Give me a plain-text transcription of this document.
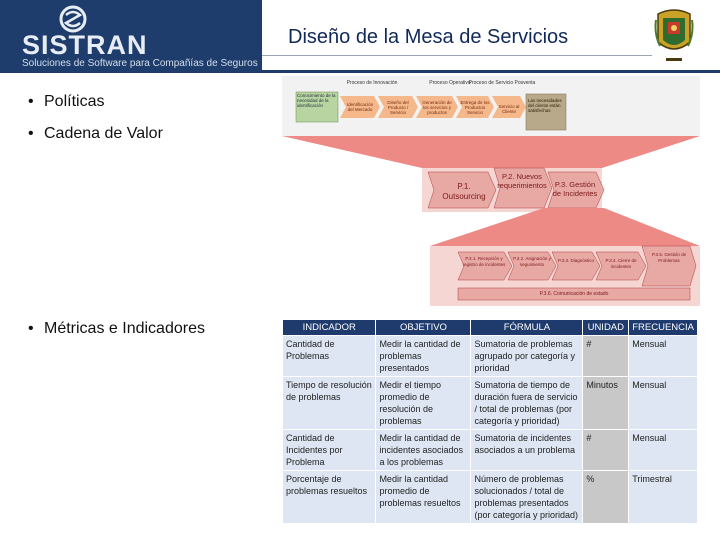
SISTRAN
Soluciones de Software para Compañías de Seguros
Diseño de la Mesa de Servicios
• Políticas
• Cadena de Valor
• Métricas e Indicadores
Proceso de Innovación	Proceso Operativo
Proceso de Servicio Posventa
Conocimiento de la necesidad de la identificación	Identificación del Mercado
Diseño del Producto / Servicio
Generación de los servicios y productos
Entrega de los Productos Servicio
Servicio al Cliente
Las necesidades del cliente están satisfechas
P.1. Outsourcing
P.2. Nuevos requerimientos	P.3. Gestión de Incidentes
P.3.1. Recepción y registro de incidentes
P.3.2. Asignación y seguimiento
P.3.3. Diagnóstico	P.3.4. Cierre de incidentes
P.3.5. Gestión de Problemas
P.3.6. Comunicación de estado
INDICADOR	OBJETIVO	FÓRMULA	UNIDAD	FRECUENCIA
Cantidad de Problemas	Medir la cantidad de problemas presentados	Sumatoria de problemas agrupado por categoría y prioridad	#	Mensual
Tiempo de resolución de problemas	Medir el tiempo promedio de resolución de problemas	Sumatoria de tiempo de duración fuera de servicio / total de problemas (por categoría y prioridad)	Minutos	Mensual
Cantidad de Incidentes por Problema	Medir la cantidad de incidentes asociados a los problemas	Sumatoria de incidentes asociados a un problema	#	Mensual
Porcentaje de problemas resueltos	Medir la cantidad promedio de problemas resueltos	Número de problemas solucionados / total de problemas presentados (por categoría y prioridad)	%	Trimestral
